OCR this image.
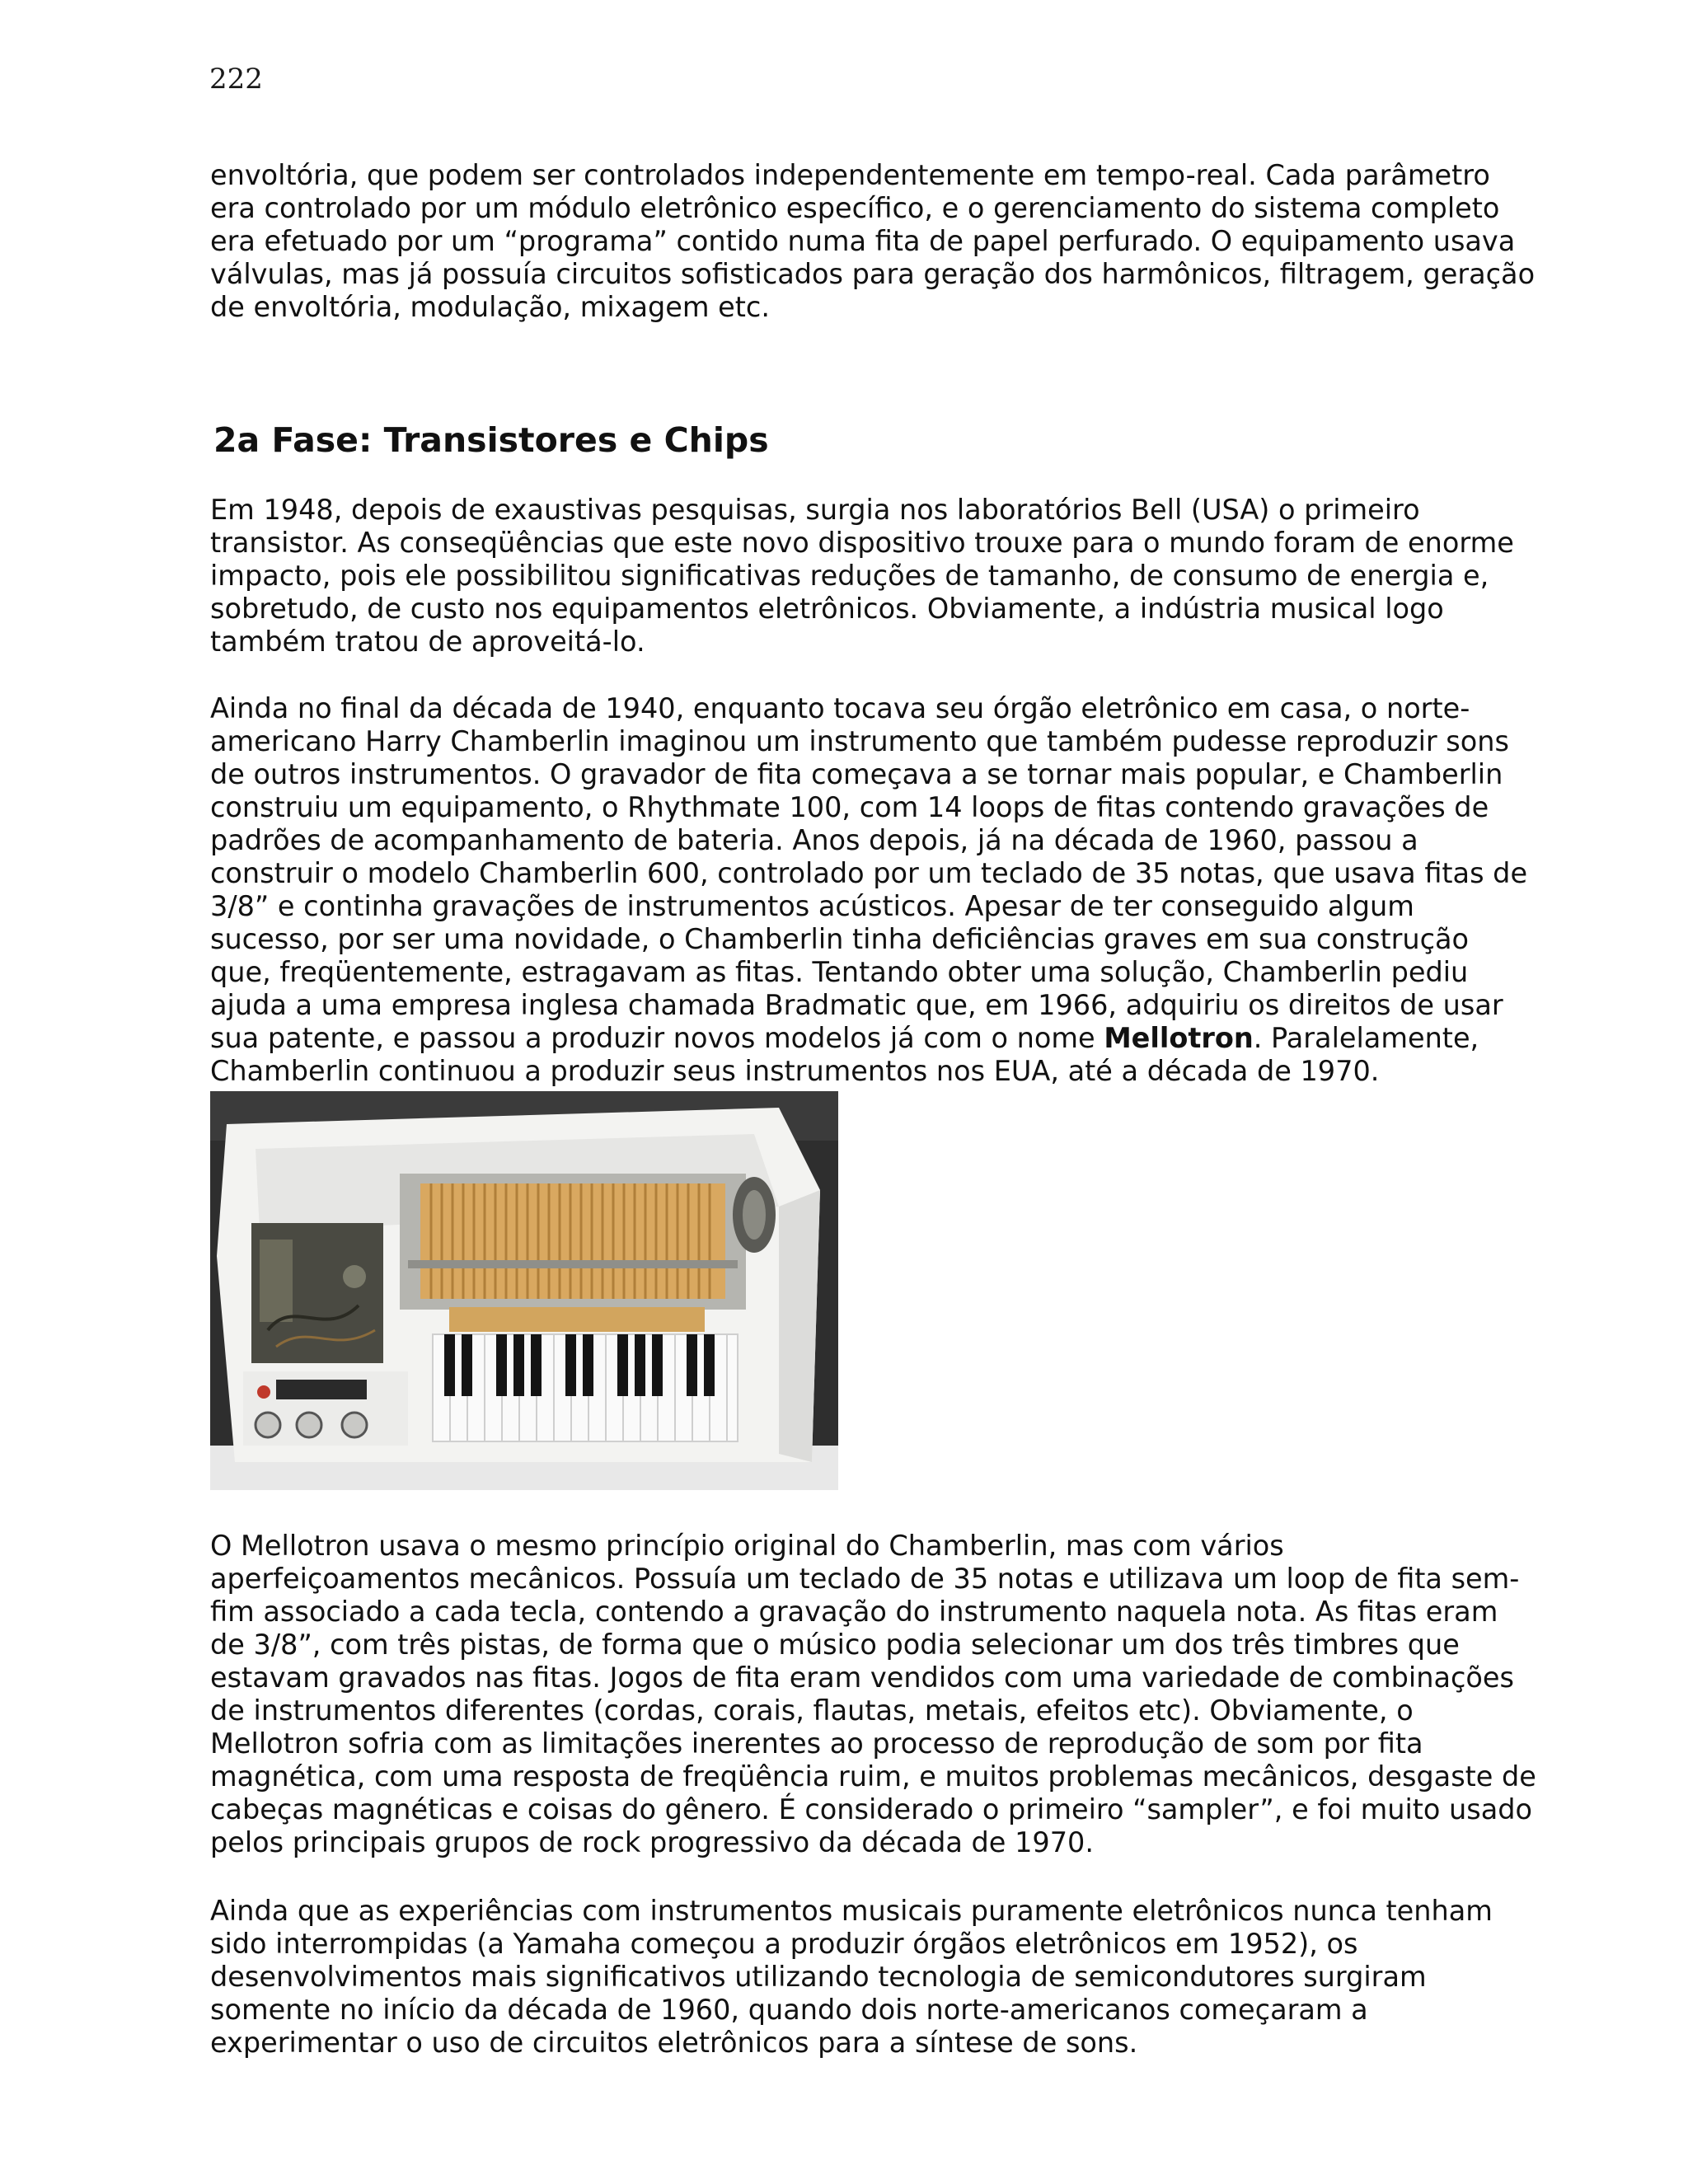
222
envoltória, que podem ser controlados independentemente em tempo-real. Cada parâmetro
era controlado por um módulo eletrônico específico, e o gerenciamento do sistema completo
era efetuado por um “programa” contido numa fita de papel perfurado. O equipamento usava
válvulas, mas já possuía circuitos sofisticados para geração dos harmônicos, filtragem, geração
de envoltória, modulação, mixagem etc.
2a Fase: Transistores e Chips
Em 1948, depois de exaustivas pesquisas, surgia nos laboratórios Bell (USA) o primeiro
transistor. As conseqüências que este novo dispositivo trouxe para o mundo foram de enorme
impacto, pois ele possibilitou significativas reduções de tamanho, de consumo de energia e,
sobretudo, de custo nos equipamentos eletrônicos. Obviamente, a indústria musical logo
também tratou de aproveitá-lo.
Ainda no final da década de 1940, enquanto tocava seu órgão eletrônico em casa, o norte-
americano Harry Chamberlin imaginou um instrumento que também pudesse reproduzir sons
de outros instrumentos. O gravador de fita começava a se tornar mais popular, e Chamberlin
construiu um equipamento, o Rhythmate 100, com 14 loops de fitas contendo gravações de
padrões de acompanhamento de bateria. Anos depois, já na década de 1960, passou a
construir o modelo Chamberlin 600, controlado por um teclado de 35 notas, que usava fitas de
3/8” e continha gravações de instrumentos acústicos. Apesar de ter conseguido algum
sucesso, por ser uma novidade, o Chamberlin tinha deficiências graves em sua construção
que, freqüentemente, estragavam as fitas. Tentando obter uma solução, Chamberlin pediu
ajuda a uma empresa inglesa chamada Bradmatic que, em 1966, adquiriu os direitos de usar
sua patente, e passou a produzir novos modelos já com o nome Mellotron. Paralelamente,
Chamberlin continuou a produzir seus instrumentos nos EUA, até a década de 1970.
O Mellotron usava o mesmo princípio original do Chamberlin, mas com vários
aperfeiçoamentos mecânicos. Possuía um teclado de 35 notas e utilizava um loop de fita sem-
fim associado a cada tecla, contendo a gravação do instrumento naquela nota. As fitas eram
de 3/8”, com três pistas, de forma que o músico podia selecionar um dos três timbres que
estavam gravados nas fitas. Jogos de fita eram vendidos com uma variedade de combinações
de instrumentos diferentes (cordas, corais, flautas, metais, efeitos etc). Obviamente, o
Mellotron sofria com as limitações inerentes ao processo de reprodução de som por fita
magnética, com uma resposta de freqüência ruim, e muitos problemas mecânicos, desgaste de
cabeças magnéticas e coisas do gênero. É considerado o primeiro “sampler”, e foi muito usado
pelos principais grupos de rock progressivo da década de 1970.
Ainda que as experiências com instrumentos musicais puramente eletrônicos nunca tenham
sido interrompidas (a Yamaha começou a produzir órgãos eletrônicos em 1952), os
desenvolvimentos mais significativos utilizando tecnologia de semicondutores surgiram
somente no início da década de 1960, quando dois norte-americanos começaram a
experimentar o uso de circuitos eletrônicos para a síntese de sons.
